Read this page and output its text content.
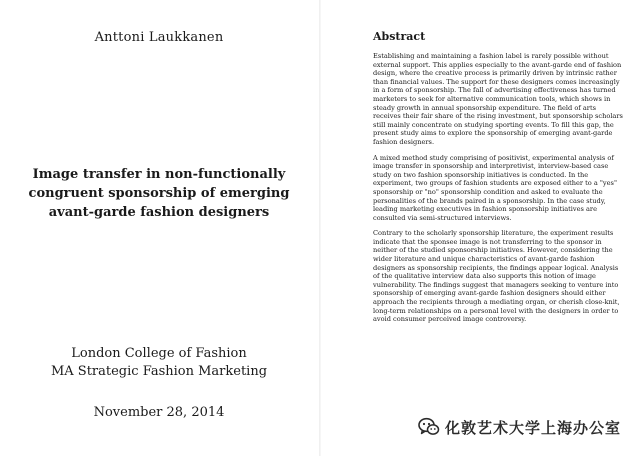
Anttoni Laukkanen
Image transfer in non-functionally congruent sponsorship of emerging avant-garde fashion designers
London College of Fashion
MA Strategic Fashion Marketing
November 28, 2014
Abstract

Establishing and maintaining a fashion label is rarely possible without external support. This applies especially to the avant-garde end of fashion design, where the creative process is primarily driven by intrinsic rather than financial values. The support for these designers comes increasingly in a form of sponsorship. The fall of advertising effectiveness has turned marketers to seek for alternative communication tools, which shows in steady growth in annual sponsorship expenditure. The field of arts receives their fair share of the rising investment, but sponsorship scholars still mainly concentrate on studying sporting events. To fill this gap, the present study aims to explore the sponsorship of emerging avant-garde fashion designers.

A mixed method study comprising of positivist, experimental analysis of image transfer in sponsorship and interpretivist, interview-based case study on two fashion sponsorship initiatives is conducted. In the experiment, two groups of fashion students are exposed either to a "yes" sponsorship or "no" sponsorship condition and asked to evaluate the personalities of the brands paired in a sponsorship. In the case study, leading marketing executives in fashion sponsorship initiatives are consulted via semi-structured interviews.

Contrary to the scholarly sponsorship literature, the experiment results indicate that the sponsee image is not transferring to the sponsor in neither of the studied sponsorship initiatives. However, considering the wider literature and unique characteristics of avant-garde fashion designers as sponsorship recipients, the findings appear logical. Analysis of the qualitative interview data also supports this notion of image vulnerability. The findings suggest that managers seeking to venture into sponsorship of emerging avant-garde fashion designers should either approach the recipients through a mediating organ, or cherish close-knit, long-term relationships on a personal level with the designers in order to avoid consumer perceived image controversy.

化敦艺术大学上海办公室
